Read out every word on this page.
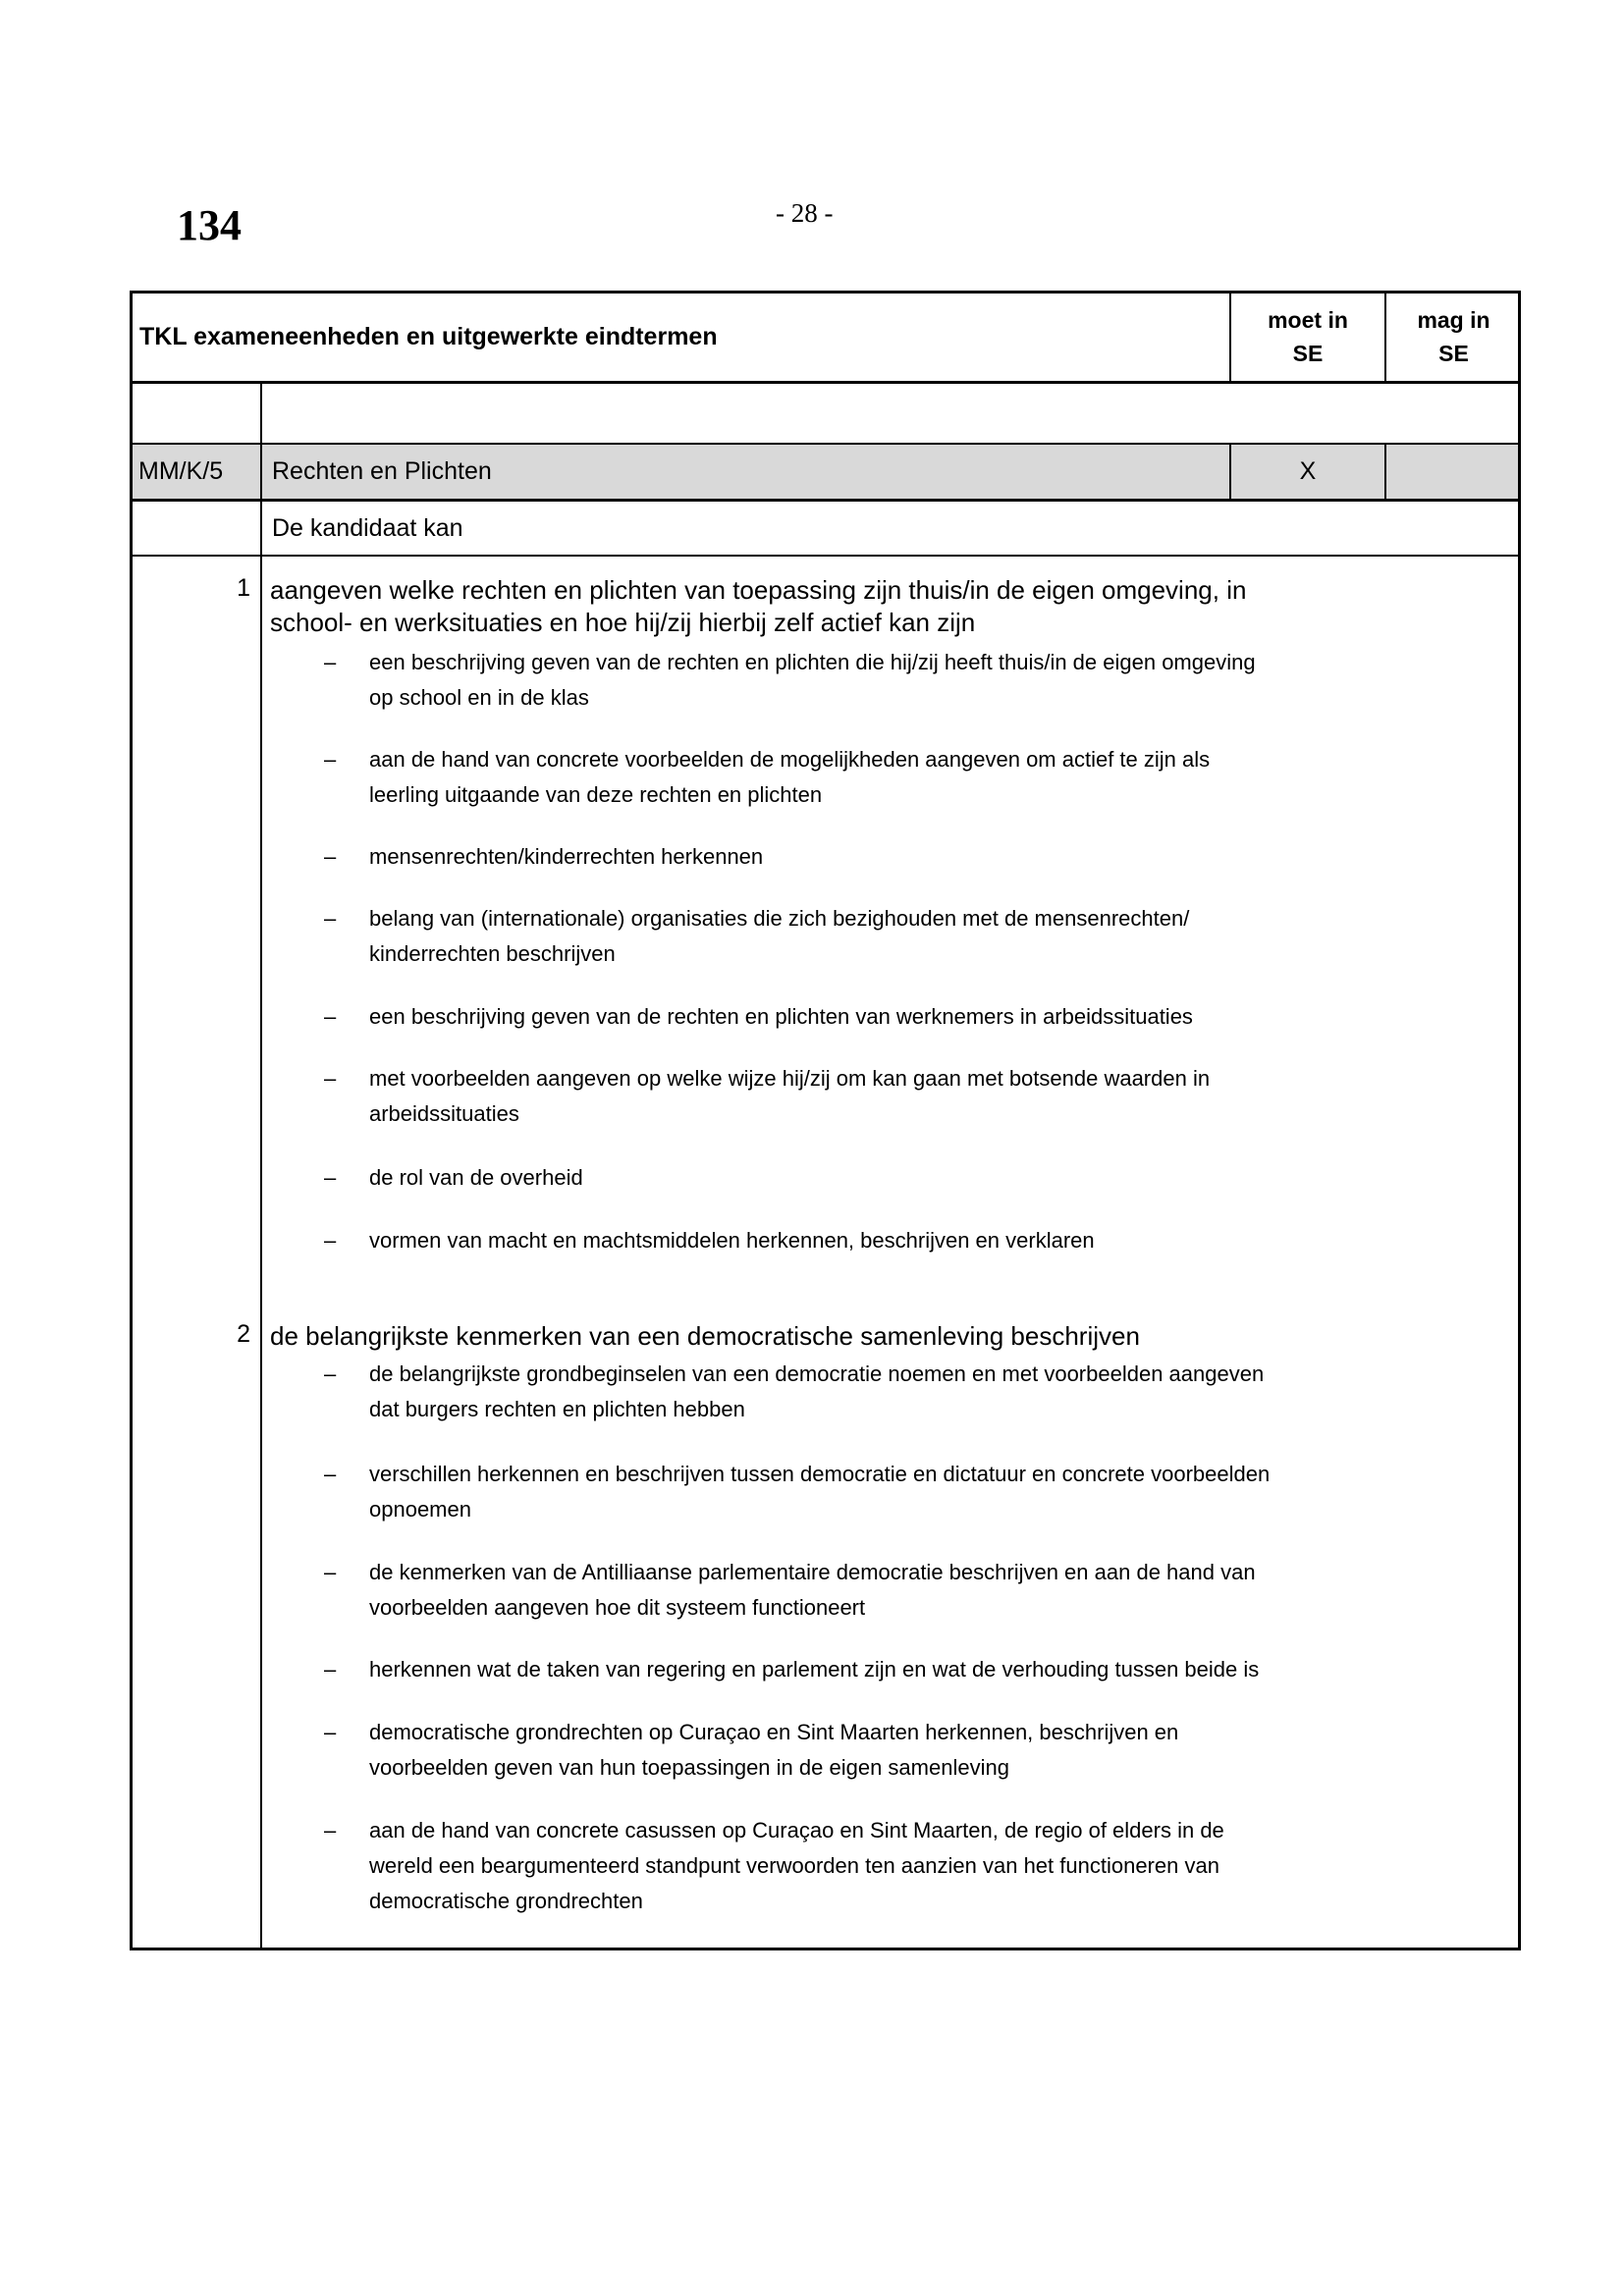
134	- 28 -
TKL exameneenheden en uitgewerkte eindtermen
moet in
SE
mag in
SE
MM/K/5 Rechten en Plichten	X
De kandidaat kan
1 aangeven welke rechten en plichten van toepassing zijn thuis/in de eigen omgeving, in
school- en werksituaties en hoe hij/zij hierbij zelf actief kan zijn
– een beschrijving geven van de rechten en plichten die hij/zij heeft thuis/in de eigen omgeving
op school en in de klas
– aan de hand van concrete voorbeelden de mogelijkheden aangeven om actief te zijn als
leerling uitgaande van deze rechten en plichten
– mensenrechten/kinderrechten herkennen
– belang van (internationale) organisaties die zich bezighouden met de mensenrechten/
kinderrechten beschrijven
– een beschrijving geven van de rechten en plichten van werknemers in arbeidssituaties
– met voorbeelden aangeven op welke wijze hij/zij om kan gaan met botsende waarden in
arbeidssituaties
– de rol van de overheid
– vormen van macht en machtsmiddelen herkennen, beschrijven en verklaren
2 de belangrijkste kenmerken van een democratische samenleving beschrijven
– de belangrijkste grondbeginselen van een democratie noemen en met voorbeelden aangeven
dat burgers rechten en plichten hebben
– verschillen herkennen en beschrijven tussen democratie en dictatuur en concrete voorbeelden
opnoemen
– de kenmerken van de Antilliaanse parlementaire democratie beschrijven en aan de hand van
voorbeelden aangeven hoe dit systeem functioneert
– herkennen wat de taken van regering en parlement zijn en wat de verhouding tussen beide is
– democratische grondrechten op Curaçao en Sint Maarten herkennen, beschrijven en
voorbeelden geven van hun toepassingen in de eigen samenleving
– aan de hand van concrete casussen op Curaçao en Sint Maarten, de regio of elders in de
wereld een beargumenteerd standpunt verwoorden ten aanzien van het functioneren van
democratische grondrechten
